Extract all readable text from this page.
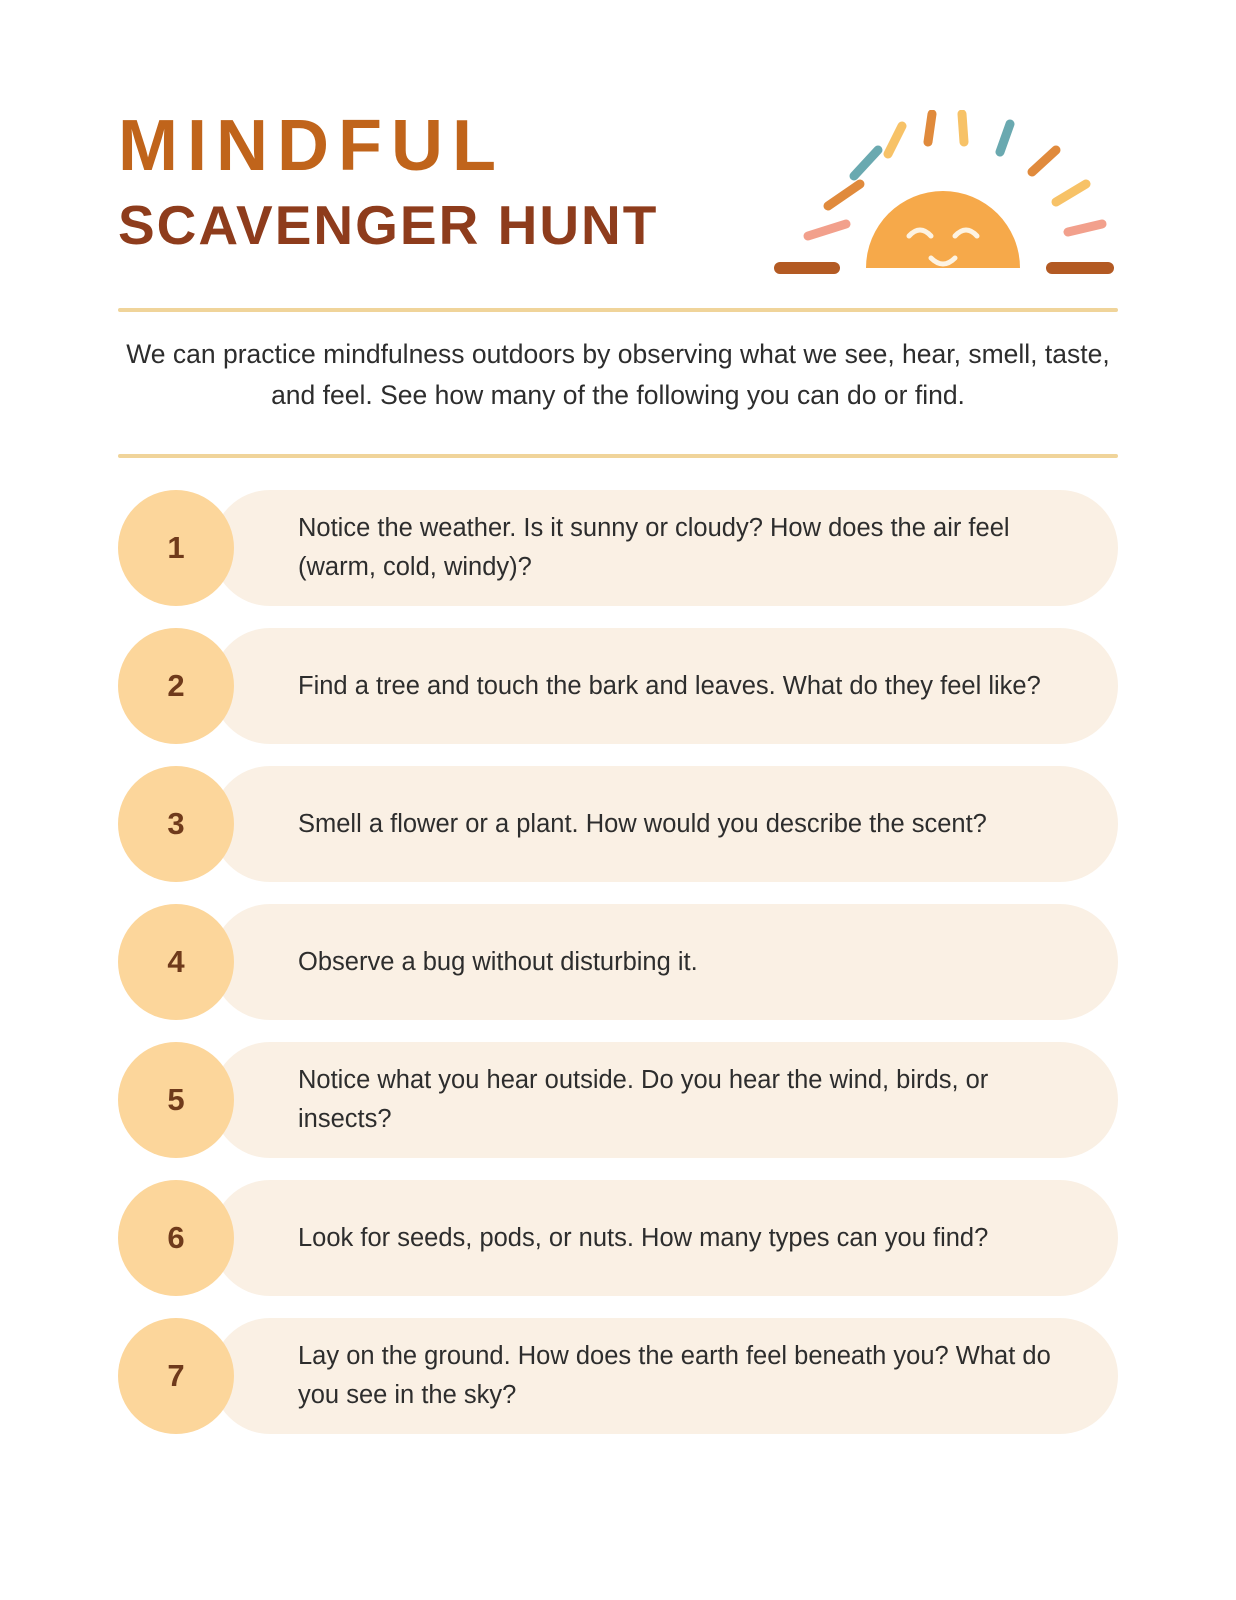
MINDFUL
SCAVENGER HUNT

We can practice mindfulness outdoors by observing what we see, hear, smell, taste, and feel. See how many of the following you can do or find.

1
Notice the weather. Is it sunny or cloudy? How does the air feel (warm, cold, windy)?
2	Find a tree and touch the bark and leaves. What do they feel like?
3	Smell a flower or a plant. How would you describe the scent?
4	Observe a bug without disturbing it.
5
Notice what you hear outside. Do you hear the wind, birds, or insects?
6	Look for seeds, pods, or nuts. How many types can you find?
7
Lay on the ground. How does the earth feel beneath you? What do you see in the sky?
